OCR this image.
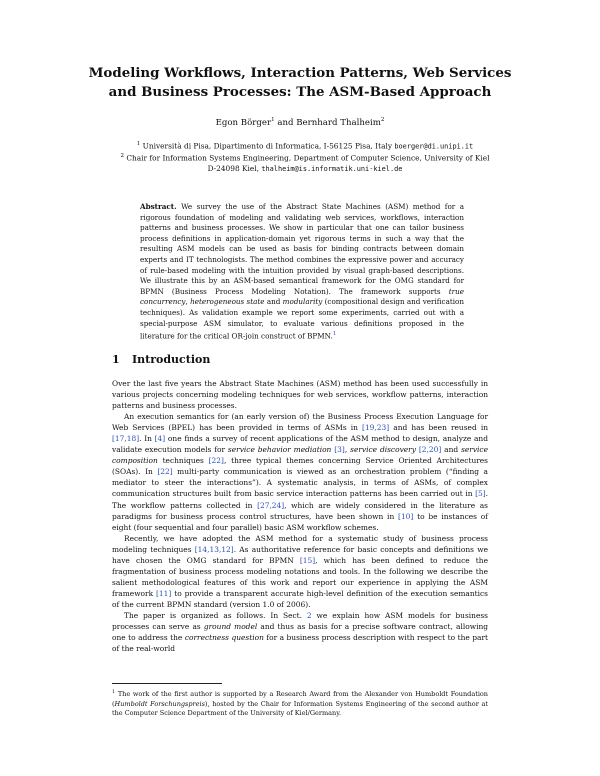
Modeling Workflows, Interaction Patterns, Web Services
and Business Processes: The ASM-Based Approach
Egon Börger$^1$ and Bernhard Thalheim$^2$
$^1$ Università di Pisa, Dipartimento di Informatica, I-56125 Pisa, Italy boerger@di.unipi.it
$^2$ Chair for Information Systems Engineering, Department of Computer Science, University of Kiel
D-24098 Kiel, thalheim@is.informatik.uni-kiel.de
Abstract. We survey the use of the Abstract State Machines (ASM) method for a rigorous foundation of modeling and validating web services, workflows, interaction patterns and business processes. We show in particular that one can tailor business process definitions in application-domain yet rigorous terms in such a way that the resulting ASM models can be used as basis for binding contracts between domain experts and IT technologists. The method combines the expressive power and accuracy of rule-based modeling with the intuition provided by visual graph-based descriptions. We illustrate this by an ASM-based semantical framework for the OMG standard for BPMN (Business Process Modeling Notation). The framework supports true concurrency, heterogeneous state and modularity (compositional design and verification techniques). As validation example we report some experiments, carried out with a special-purpose ASM simulator, to evaluate various definitions proposed in the literature for the critical OR-join construct of BPMN.$^1$
1 Introduction

Over the last five years the Abstract State Machines (ASM) method has been used successfully in various projects concerning modeling techniques for web services, workflow patterns, interaction patterns and business processes.

An execution semantics for (an early version of) the Business Process Execution Language for Web Services (BPEL) has been provided in terms of ASMs in [19,23] and has been reused in [17,18]. In [4] one finds a survey of recent applications of the ASM method to design, analyze and validate execution models for service behavior mediation [3], service discovery [2,20] and service composition techniques [22], three typical themes concerning Service Oriented Architectures (SOAs). In [22] multi-party communication is viewed as an orchestration problem (“finding a mediator to steer the interactions”). A systematic analysis, in terms of ASMs, of complex communication structures built from basic service interaction patterns has been carried out in [5]. The workflow patterns collected in [27,24], which are widely considered in the literature as paradigms for business process control structures, have been shown in [10] to be instances of eight (four sequential and four parallel) basic ASM workflow schemes.

Recently, we have adopted the ASM method for a systematic study of business process modeling techniques [14,13,12]. As authoritative reference for basic concepts and definitions we have chosen the OMG standard for BPMN [15], which has been defined to reduce the fragmentation of business process modeling notations and tools. In the following we describe the salient methodological features of this work and report our experience in applying the ASM framework [11] to provide a transparent accurate high-level definition of the execution semantics of the current BPMN standard (version 1.0 of 2006).

The paper is organized as follows. In Sect. 2 we explain how ASM models for business processes can serve as ground model and thus as basis for a precise software contract, allowing one to address the correctness question for a business process description with respect to the part of the real-world

$^1$ The work of the first author is supported by a Research Award from the Alexander von Humboldt Foundation (Humboldt Forschungspreis), hosted by the Chair for Information Systems Engineering of the second author at the Computer Science Department of the University of Kiel/Germany.
